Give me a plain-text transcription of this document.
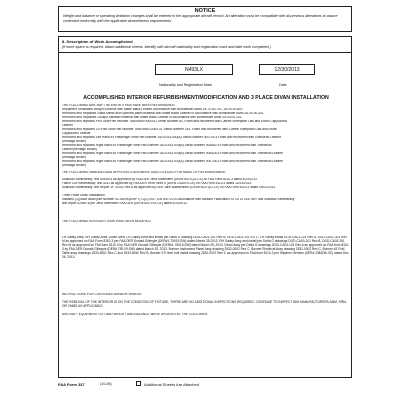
NOTICE
Weight and balance or operating limitation changes shall be entered in the appropriate aircraft record. An alteration must be compatible with all previous alterations to assure continued conformity with the applicable airworthiness requirements.
8. Description of Work Accomplished
(If more space is required, attach additional sheets. Identify with aircraft nationality and registration mark and date work completed.)
N493LX	12/30/2013
Nationality and Registration Mark	Date
ACCOMPLISHED INTERIOR REFURBISHMENT/MODIFICATION AND 3 PLACE DIVAN INSTALLATION
THE FOLLOWING AIRCRAFT INTERIOR ITEMS HAVE BEEN REFURBISHED:
Repainted, reinstalled cockpit columns with Matte Black Leather Accordance with Bombardier AMM 25-70-00-701, 25-00-00-801
Removed and Replaced Glass shield and Eyebrow panel material with Matte Black Leather in Accordance with Bombardier AMM 25-00-00-201.
Removed and Replaced Cockpit Sidewall material with Matte Black Leather in Accordance with Bombardier AMM 25-00-00-201.
Removed and replaced PR4 Seat Part Number TAB/HABP0000011 Serial Number 82, Foam and recovered with Carrelli Sheepskin Oak and Excell Cappuccino
Leather
Removed and replaced Co-Pilot Seat Part Number TAB/HAB/C0000-01 Serial Number 243, Foam and recovered with Carrelli Sheepskin Oak and Excell
Cappuccino Leather
Removed and replaced Left Hand #4 Passenger Seat Part Number 2524-914-530(A) Serial Number 000716-4 Foam and recovered with Townsend Leather
(Heritage Brown)
Removed and replaced Right Hand #3 Passenger Seat Part Number 2524-914-530(B) Serial Number 000852-5 Foam and recovered with Townsend
Leather(Heritage Brown)
Removed and replaced Right Hand #4 Passenger Seat Part Number 2524-914-530(B) Serial Number 000628-5 Foam and recovered with Townsend Leather
(Heritage Brown)
Removed and replaced Right Hand #5 Passenger Seat Part Number 2524-914-530(A) Serial Number 000735-3 Foam and recovered with Townsend Leather
(Heritage Brown)
THE FOLLOWING MANUALS AND APPROVED DATA WERE USED UTILIZED FOR MADE OF REFURBISHMENT:
Skandia Flammability Test 0254676 as approved by FAA DER Jena Sibenstein (DER# 6027QO-CE) on FAA Form 8110-3 dated 4/23/2013
Flame Cut Flammability Test 4311 as approved by FAA DER Herb Reed II (DER# 2302RS-CE) on FAA Form 8110-3 dated 12/23/2013.
Skandia Flammability Test Report 1F 22041 Rev A as approved by DER Jane Blankenbecl (DER# 6027QO-CE) on FAA Form 8110-3 dated 05/02/2013.
Three Place Divan Installation:
Installed (3) place divan part Number 52-9309K(MHPT)T1(C)-RDT S/N 000722 in Accordance with Aviation Fabricators STC# ST01573NY and Skandia Flammability
test report 0254676 per Jena Sibenstein FAA DER (DER# 6027RG-CE) dated 4/23/2013
THE FOLLOWING INTERIOR ITEMS HAVE BEEN MODIFIED:
LH Galley Area, RH Galley Area, Divan Area, LH Galley Area and install per Delta G drawing DGD-CA01-101 Rev N, DGD-CA01-101 EO C, LH Galley install DGD-CA01-201 Rev A, DGD-CA01-301 Rev M as approved on FAA Form 8110-3 per FAA DER Donald Gillespie (DER#1-75015-SW) dated March 25 2013. RH Galley Assy and install per Delta G drawings DGD-CA03-101 Rev B, DGD-CA03-301 Rev M as approved on FAA form 8110-3 by FAA DER Donald Gillespie (DER#1-75015-SW) dated March 25, 2013. Divan Assy per Delta G drawings DGD-CA04-101 Rev A as approved on FAA form 8110-3 by FAA DER Donald Gillespie (DER# 750-09-SW) dated March 25, 2013. Bonner Instrument Panel Assy drawing 2532-0002 Rev C, Bonner Electrical Assy drawing 2532-0002 Rev C, Bonner #3 Fold Table assy drawings 2533-5001 Rev C and 2533-5040 Rev B, Bonner STI liner hull install drawing 2532-0037 Rev C as approved on FAA form 8110-3 per Stephen Hermes (DER# 2382DB-CE) dated Dec 26, 2013.
INSTRUCTIONS FOR CONTINUED AIRWORTHINESS:
THE REMOVAL OF THE INTERIOR IS ON THE CONDITION OF FIXTURE. THERE ARE NO ADDITIONAL INSPECTIONS REQUIRED. CONTINUE TO INSPECT WIH MANUFACTURERS AMM, SRM, OR CMMS AS APPLICABLE.
AIRCRAFT EQUIPMENT LIST AND WEIGHT AND BALANCE WERE UPDATED BY THE CUSTOMER.
FAA Form 337	(10-06)	Additional Sheets Are Attached
